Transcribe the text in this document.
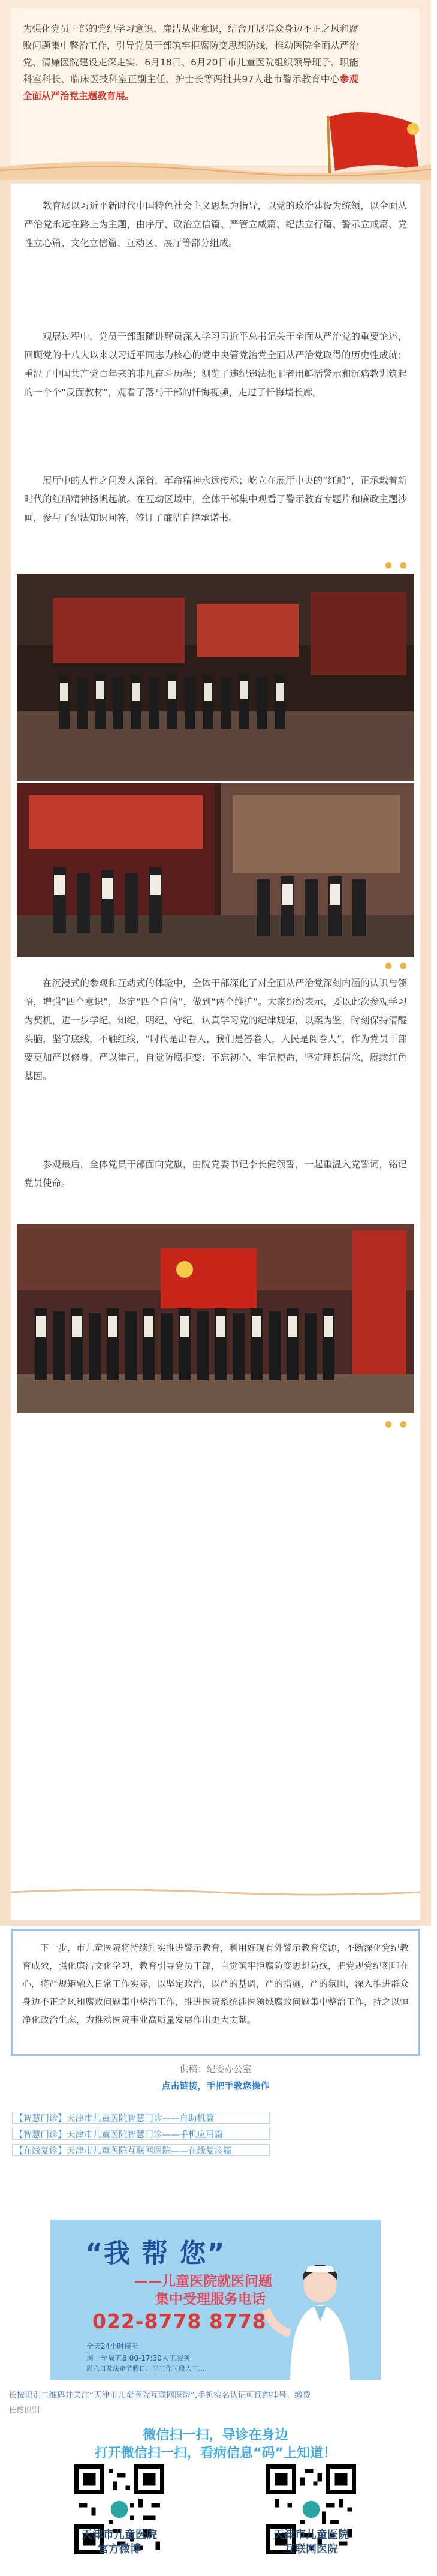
为强化党员干部的党纪学习意识、廉洁从业意识，结合开展群众身边不正之风和腐败问题集中整治工作，引导党员干部筑牢拒腐防变思想防线，推动医院全面从严治党、清廉医院建设走深走实，6月18日、6月20日市儿童医院组织领导班子、职能科室科长、临床医技科室正副主任、护士长等两批共97人赴市警示教育中心参观全面从严治党主题教育展。

教育展以习近平新时代中国特色社会主义思想为指导，以党的政治建设为统领，以全面从严治党永远在路上为主题，由序厅、政治立信篇、严管立威篇、纪法立行篇、警示立戒篇、党性立心篇、文化立信篇、互动区、展厅等部分组成。

观展过程中，党员干部跟随讲解员深入学习习近平总书记关于全面从严治党的重要论述，回顾党的十八大以来以习近平同志为核心的党中央管党治党全面从严治党取得的历史性成就；重温了中国共产党百年来的非凡奋斗历程；测览了违纪违法犯罪者用鲜活警示和沉痛教训筑起的一个个“反面教材”，观看了落马干部的忏悔视频，走过了忏悔墙长廊。

展厅中的人性之问发人深省，革命精神永远传承；屹立在展厅中央的“红船”，正承载着新时代的红船精神扬帆起航。在互动区域中，全体干部集中观看了警示教育专题片和廉政主题沙画，参与了纪法知识问答，签订了廉洁自律承诺书。

● ●
● ●

在沉浸式的参观和互动式的体验中，全体干部深化了对全面从严治党深刻内涵的认识与领悟，增强“四个意识”，坚定“四个自信”，做到“两个维护”。大家纷纷表示，要以此次参观学习为契机，进一步学纪、知纪、明纪、守纪，认真学习党的纪律规矩，以案为鉴，时刻保持清醒头脑，坚守底线，不触红线，“时代是出卷人，我们是答卷人，人民是阅卷人”，作为党员干部要更加严以修身，严以律己，自觉防腐拒变：不忘初心、牢记使命，坚定理想信念，赓续红色基因。

参观最后，全体党员干部面向党旗，由院党委书记李长健领誓，一起重温入党誓词，铭记党员使命。

● ●

下一步，市儿童医院将持续扎实推进警示教育，利用好现有外警示教育资源，不断深化党纪教育成效，强化廉洁文化学习，教育引导党员干部，自觉筑牢拒腐防变思想防线，把党规党纪刻印在心，将严规矩融入日常工作实际，以坚定政治，以严的基调，严的措施，严的氛围，深入推进群众身边不正之风和腐败问题集中整治工作，推进医院系统涉医领域腐败问题集中整治工作，持之以恒净化政治生态，为推动医院事业高质量发展作出更大贡献。

供稿：纪委办公室
点击链接，手把手教您操作
【智慧门诊】天津市儿童医院智慧门诊——自助机篇
【智慧门诊】天津市儿童医院智慧门诊——手机应用篇
【在线复诊】天津市儿童医院互联网医院——在线复诊篇
“我 帮 您”
——儿童医院就医问题
集中受理服务电话
022-8778 8778
全天24小时接听
周一至周五8:00-17:30人工服务
周六日及法定节假日、非工作时段人工...
长按识别二维码并关注“天津市儿童医院互联网医院”,手机实名认证可预约挂号、缴费
长按识别
微信扫一扫，导诊在身边
打开微信扫一扫，看病信息“码”上知道！
天津市儿童医院
官方微博
天津市儿童医院
互联网医院
